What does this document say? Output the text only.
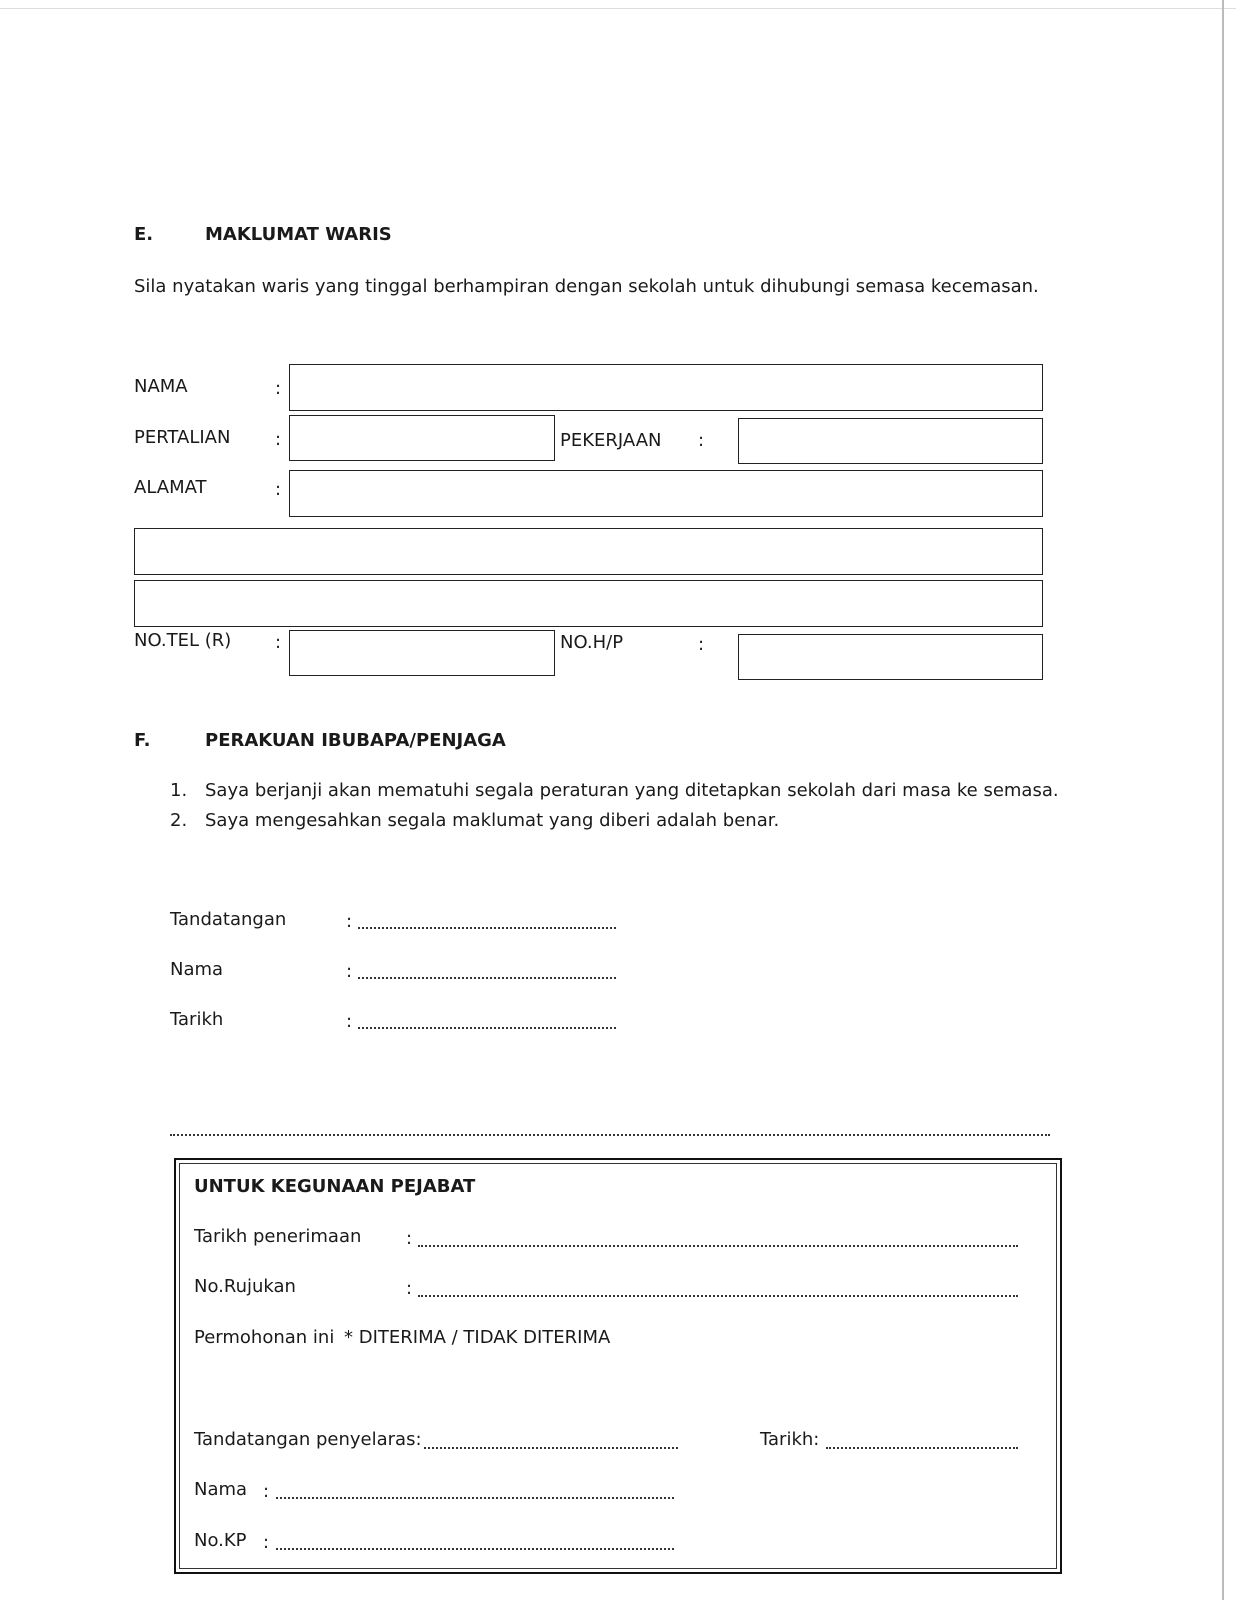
E.	MAKLUMAT WARIS
Sila nyatakan waris yang tinggal berhampiran dengan sekolah untuk dihubungi semasa kecemasan.
NAMA	:
PERTALIAN :	PEKERJAAN :
ALAMAT	:
NO.TEL (R) :	NO.H/P	:
F.	PERAKUAN IBUBAPA/PENJAGA
1. Saya berjanji akan mematuhi segala peraturan yang ditetapkan sekolah dari masa ke semasa.
2. Saya mengesahkan segala maklumat yang diberi adalah benar.
Tandatangan	:
Nama	:
Tarikh	:
UNTUK KEGUNAAN PEJABAT
Tarikh penerimaan :
No.Rujukan	:
Permohonan ini * DITERIMA / TIDAK DITERIMA
Tandatangan penyelaras:	Tarikh:
Nama :
No.KP :
